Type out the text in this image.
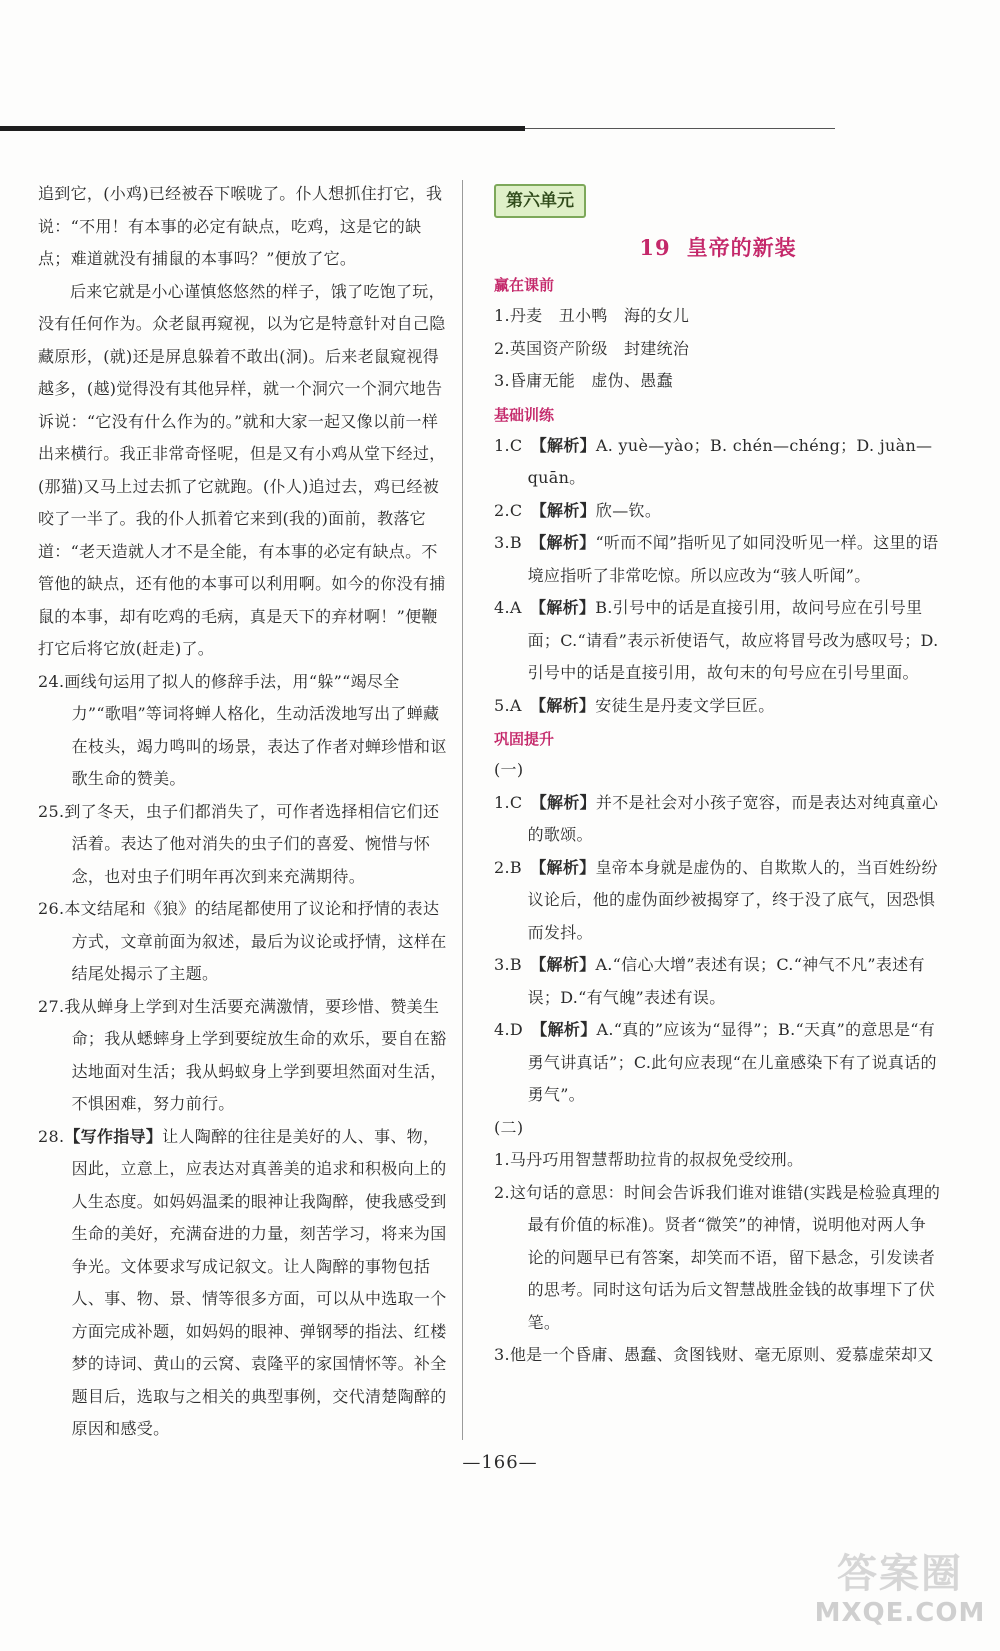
追到它，(小鸡)已经被吞下喉咙了。仆人想抓住打它，我说：“不用！有本事的必定有缺点，吃鸡，这是它的缺点；难道就没有捕鼠的本事吗？”便放了它。

后来它就是小心谨慎悠悠然的样子，饿了吃饱了玩，没有任何作为。众老鼠再窥视，以为它是特意针对自己隐藏原形，(就)还是屏息躲着不敢出(洞)。后来老鼠窥视得越多，(越)觉得没有其他异样，就一个洞穴一个洞穴地告诉说：“它没有什么作为的。”就和大家一起又像以前一样出来横行。我正非常奇怪呢，但是又有小鸡从堂下经过，(那猫)又马上过去抓了它就跑。(仆人)追过去，鸡已经被咬了一半了。我的仆人抓着它来到(我的)面前，教落它道：“老天造就人才不是全能，有本事的必定有缺点。不管他的缺点，还有他的本事可以利用啊。如今的你没有捕鼠的本事，却有吃鸡的毛病，真是天下的弃材啊！”便鞭打它后将它放(赶走)了。

24.画线句运用了拟人的修辞手法，用“躲”“竭尽全力”“歌唱”等词将蝉人格化，生动活泼地写出了蝉藏在枝头，竭力鸣叫的场景，表达了作者对蝉珍惜和讴歌生命的赞美。

25.到了冬天，虫子们都消失了，可作者选择相信它们还活着。表达了他对消失的虫子们的喜爱、惋惜与怀念，也对虫子们明年再次到来充满期待。

26.本文结尾和《狼》的结尾都使用了议论和抒情的表达方式，文章前面为叙述，最后为议论或抒情，这样在结尾处揭示了主题。

27.我从蝉身上学到对生活要充满激情，要珍惜、赞美生命；我从蟋蟀身上学到要绽放生命的欢乐，要自在豁达地面对生活；我从蚂蚁身上学到要坦然面对生活，不惧困难，努力前行。

28.【写作指导】让人陶醉的往往是美好的人、事、物，因此，立意上，应表达对真善美的追求和积极向上的人生态度。如妈妈温柔的眼神让我陶醉，使我感受到生命的美好，充满奋进的力量，刻苦学习，将来为国争光。文体要求写成记叙文。让人陶醉的事物包括人、事、物、景、情等很多方面，可以从中选取一个方面完成补题，如妈妈的眼神、弹钢琴的指法、红楼梦的诗词、黄山的云窝、袁隆平的家国情怀等。补全题目后，选取与之相关的典型事例，交代清楚陶醉的原因和感受。

第六单元
19 皇帝的新装
赢在课前

1.丹麦　丑小鸭　海的女儿

2.英国资产阶级　封建统治

3.昏庸无能　虚伪、愚蠢

基础训练

1.C　【解析】A. yuè—yào；B. chén—chéng；D. juàn—quān。

2.C　【解析】欣—钦。

3.B　【解析】“听而不闻”指听见了如同没听见一样。这里的语境应指听了非常吃惊。所以应改为“骇人听闻”。

4.A　【解析】B.引号中的话是直接引用，故问号应在引号里面；C.“请看”表示祈使语气，故应将冒号改为感叹号；D.引号中的话是直接引用，故句末的句号应在引号里面。

5.A　【解析】安徒生是丹麦文学巨匠。

巩固提升

(一)

1.C　【解析】并不是社会对小孩子宽容，而是表达对纯真童心的歌颂。

2.B　【解析】皇帝本身就是虚伪的、自欺欺人的，当百姓纷纷议论后，他的虚伪面纱被揭穿了，终于没了底气，因恐惧而发抖。

3.B　【解析】A.“信心大增”表述有误；C.“神气不凡”表述有误；D.“有气魄”表述有误。

4.D　【解析】A.“真的”应该为“显得”；B.“天真”的意思是“有勇气讲真话”；C.此句应表现“在儿童感染下有了说真话的勇气”。

(二)

1.马丹巧用智慧帮助拉肯的叔叔免受绞刑。

2.这句话的意思：时间会告诉我们谁对谁错(实践是检验真理的最有价值的标准)。贤者“微笑”的神情，说明他对两人争论的问题早已有答案，却笑而不语，留下悬念，引发读者的思考。同时这句话为后文智慧战胜金钱的故事埋下了伏笔。

3.他是一个昏庸、愚蠢、贪图钱财、毫无原则、爱慕虚荣却又

—166—
答案圈
MXQE.COM
